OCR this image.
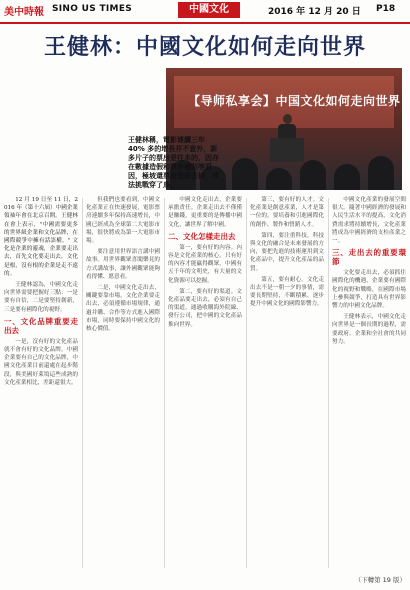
美中時報 SINO US TIMES	中國文化	2016 年 12 月 20 日 P18
王健林：中國文化如何走向世界
【导师私享会】中国文化如何走向世界
王健林稱，電影連續三年 40% 多的增長并不意外，新多片子的票房是往本的，因存在數據造假和票房補貼等原因，極坡還票房造假去掉，池法挑戰穿了鳥。

12 月 19 日至 11 日，2016 年（第十六屆）中國企業領袖年會在北京召開。王健林在會上表示，"中國需要更多的世界級企業和文化品牌，在國際競爭中擁有話語權。" 文化是企業的靈魂，企業要走出去，首先文化要走出去，文化是根，沒有根的企業是走不遠的。

王健林認為，中國文化走向世界需要把握好三點：一是要有自信，二是要堅持創新，三是要有國際化的視野。

一、文化品牌重要走出去

一是，沒有好的文化產品就不會有好的文化品牌。中國企業要有自己的文化品牌，中國文化產業目前還處在起步階段，與美國好萊塢這些成熟的文化產業相比，差距還很大。

但我們也要看到，中國文化產業正在快速發展，電影票房連續多年保持高速增長，中國已經成為全球第二大電影市場，很快將成為第一大電影市場。

要注意用世界語言講中國故事。用世界觀眾喜聞樂見的方式講故事，讓外國觀眾能夠看得懂、愿意看。

二是，中國文化走出去，關鍵要靠市場。文化企業要走出去，必須遵循市場規律，通過并購、合作等方式進入國際市場，同時要保持中國文化的核心價值。

中國文化走出去，企業要承擔責任。企業走出去不僅僅是賺錢，更重要的是傳播中國文化，讓世界了解中國。

二、文化怎樣走出去

第一，要有好的內容。內容是文化產業的核心，只有好的內容才能贏得觀眾。中國有五千年的文明史，有大量的文化資源可以挖掘。

第二，要有好的渠道。文化產品要走出去，必須有自己的渠道，通過收購海外院線、發行公司，把中國的文化產品推向世界。

第三，要有好的人才。文化產業是創意產業，人才是第一位的，要培養和引進國際化的創作、製作和營銷人才。

第四，要注重科技。科技與文化的融合是未來發展的方向，要把先進的技術運用到文化產品中，提升文化產品的品質。

第五，要有耐心。文化走出去不是一朝一夕的事情，需要長期堅持，不斷積累，逐步提升中國文化的國際影響力。

中國文化產業的發展空間很大。隨著中國經濟的發展和人民生活水平的提高，文化消費需求將持續增長，文化產業將成為中國經濟的支柱產業之一。

三、走出去的重要環節

文化要走出去，必須抓住國際化的機遇，企業要有國際化的視野和戰略，在國際市場上參與競爭，打造具有世界影響力的中國文化品牌。

王健林表示，中國文化走向世界是一個長期的過程，需要政府、企業和全社會的共同努力。

（下轉第 19 版）
